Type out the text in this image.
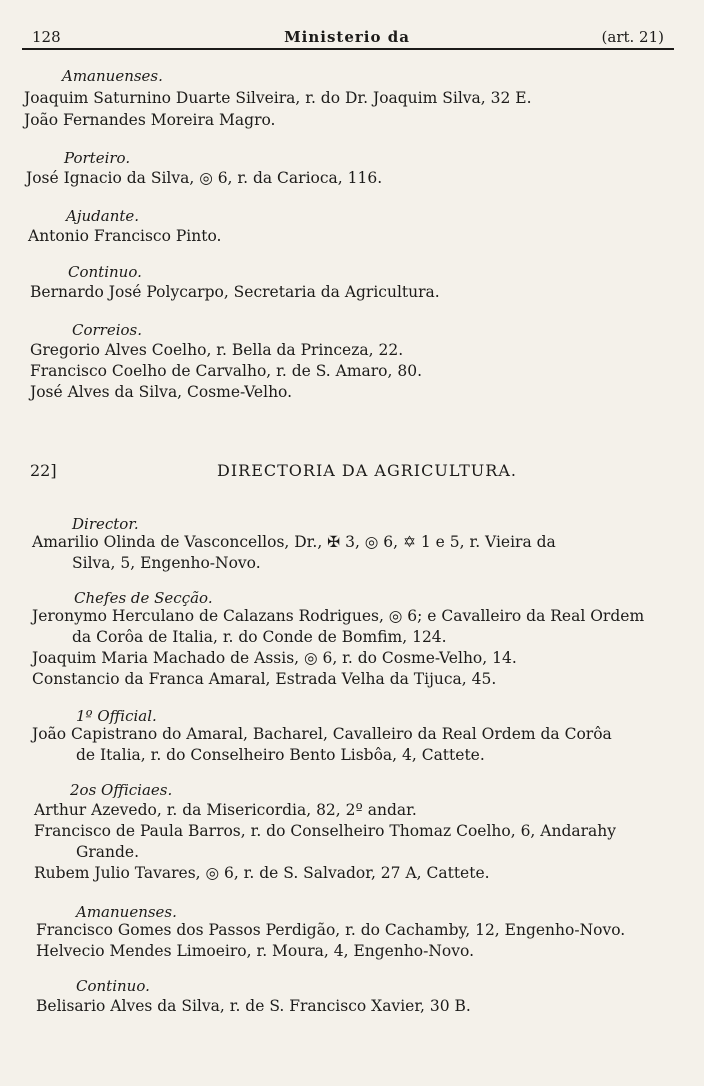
128	Ministerio da	(art. 21)
Amanuenses.
Joaquim Saturnino Duarte Silveira, r. do Dr. Joaquim Silva, 32 E.
João Fernandes Moreira Magro.
Porteiro.
José Ignacio da Silva, ◎ 6, r. da Carioca, 116.
Ajudante.
Antonio Francisco Pinto.
Continuo.
Bernardo José Polycarpo, Secretaria da Agricultura.
Correios.
Gregorio Alves Coelho, r. Bella da Princeza, 22.
Francisco Coelho de Carvalho, r. de S. Amaro, 80.
José Alves da Silva, Cosme-Velho.
22]	DIRECTORIA DA AGRICULTURA.
Director.
Amarilio Olinda de Vasconcellos, Dr., ✠ 3, ◎ 6, ✡ 1 e 5, r. Vieira da
Silva, 5, Engenho-Novo.
Chefes de Secção.
Jeronymo Herculano de Calazans Rodrigues, ◎ 6; e Cavalleiro da Real Ordem
da Corôa de Italia, r. do Conde de Bomfim, 124.
Joaquim Maria Machado de Assis, ◎ 6, r. do Cosme-Velho, 14.
Constancio da Franca Amaral, Estrada Velha da Tijuca, 45.
1º Official.
João Capistrano do Amaral, Bacharel, Cavalleiro da Real Ordem da Corôa
de Italia, r. do Conselheiro Bento Lisbôa, 4, Cattete.
2os Officiaes.
Arthur Azevedo, r. da Misericordia, 82, 2º andar.
Francisco de Paula Barros, r. do Conselheiro Thomaz Coelho, 6, Andarahy
Grande.
Rubem Julio Tavares, ◎ 6, r. de S. Salvador, 27 A, Cattete.
Amanuenses.
Francisco Gomes dos Passos Perdigão, r. do Cachamby, 12, Engenho-Novo.
Helvecio Mendes Limoeiro, r. Moura, 4, Engenho-Novo.
Continuo.
Belisario Alves da Silva, r. de S. Francisco Xavier, 30 B.
